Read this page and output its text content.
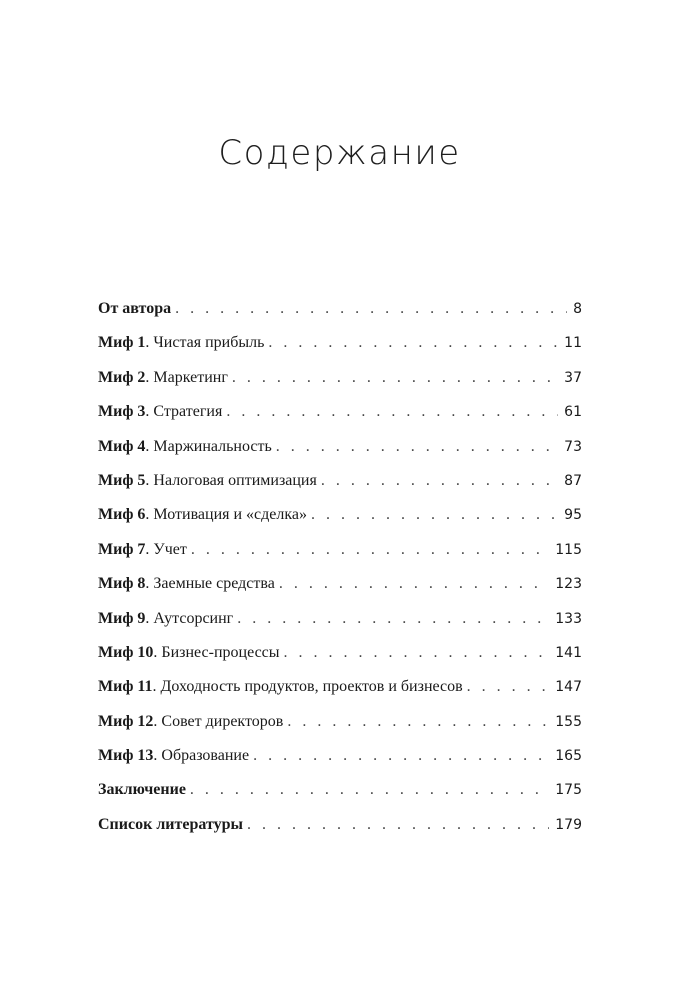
Содержание
От автора . . .	8
Миф 1. Чистая прибыль . . .	11
Миф 2. Маркетинг . . .	37
Миф 3. Стратегия . . .	61
Миф 4. Маржинальность . . .	73
Миф 5. Налоговая оптимизация . . .	87
Миф 6. Мотивация и «сделка» . . .	95
Миф 7. Учет . . .	115
Миф 8. Заемные средства . . .	123
Миф 9. Аутсорсинг . . .	133
Миф 10. Бизнес-процессы . . .	141
Миф 11. Доходность продуктов, проектов и бизнесов . . .	147
Миф 12. Совет директоров . . .	155
Миф 13. Образование . . .	165
Заключение . . .	175
Список литературы . . .	179
